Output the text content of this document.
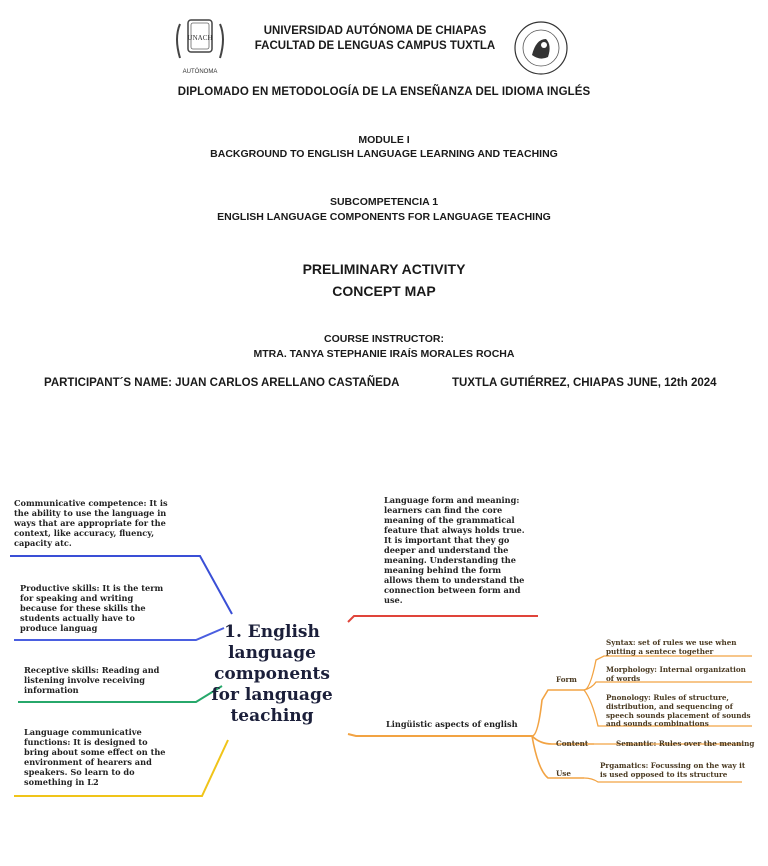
UNACH
AUTÓNOMA
UNIVERSIDAD AUTÓNOMA DE CHIAPAS
FACULTAD DE LENGUAS CAMPUS TUXTLA
DIPLOMADO EN METODOLOGÍA DE LA ENSEÑANZA DEL IDIOMA INGLÉS
MODULE I
BACKGROUND TO ENGLISH LANGUAGE LEARNING AND TEACHING
SUBCOMPETENCIA 1
ENGLISH LANGUAGE COMPONENTS FOR LANGUAGE TEACHING
PRELIMINARY ACTIVITY
CONCEPT MAP
COURSE INSTRUCTOR:
MTRA. TANYA STEPHANIE IRAÍS MORALES ROCHA
PARTICIPANT´S NAME: JUAN CARLOS ARELLANO CASTAÑEDA	TUXTLA GUTIÉRREZ, CHIAPAS JUNE, 12th 2024
Communicative competence: It is the ability to use the language in ways that are appropriate for the context, like accuracy, fluency, capacity atc.
Productive skills: It is the term for speaking and writing because for these skills the students actually have to produce languag
Receptive skills: Reading and listening involve receiving information
Language communicative functions: It is designed to bring about some effect on the environment of hearers and speakers. So learn to do something in L2
1. English language components for language teaching
Language form and meaning: learners can find the core meaning of the grammatical feature that always holds true. It is important that they go deeper and understand the meaning. Understanding the meaning behind the form allows them to understand the connection between form and use.
Lingüistic aspects of english
Form
Content
Use
Syntax: set of rules we use when putting a sentece together
Morphology: Internal organization of words
Pnonology: Rules of structure, distribution, and sequencing of speech sounds placement of sounds and sounds combinations
Semantic: Rules over the meaning
Prgamatics: Focussing on the way it is used opposed to its structure
